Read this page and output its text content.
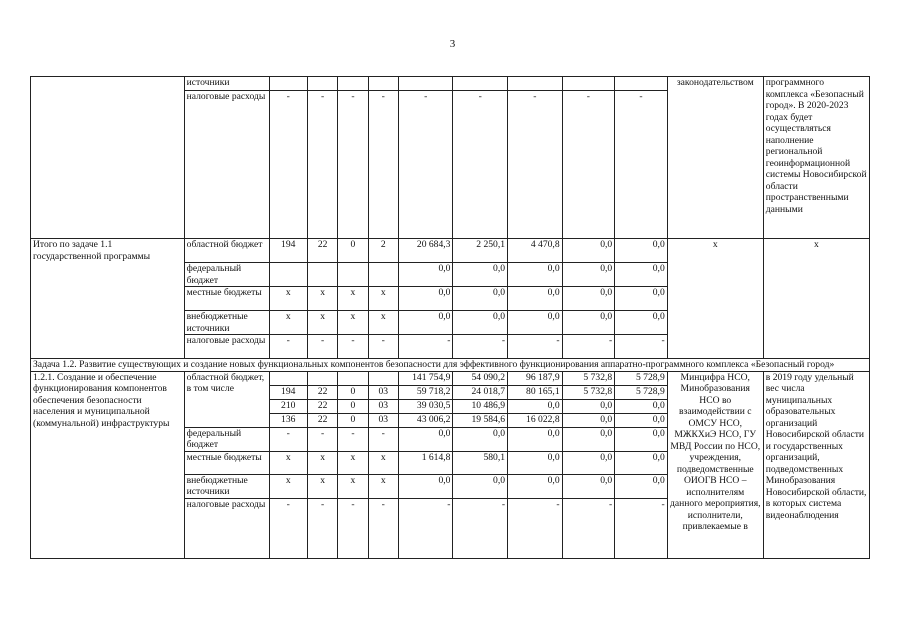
3
	источники										законодательством	программного комплекса «Безопасный город». В 2020-2023 годах будет осуществляться наполнение региональной геоинформационной системы Новосибирской области пространственными данными
	налоговые расходы	-	-	-	-	-	-	-	-	-		
Итого по задаче 1.1 государственной программы	областной бюджет	194	22	0	2	20 684,3	2 250,1	4 470,8	0,0	0,0	х	х
	федеральный бюджет					0,0	0,0	0,0	0,0	0,0		
	местные бюджеты	х	х	х	х	0,0	0,0	0,0	0,0	0,0		
	внебюджетные источники	х	х	х	х	0,0	0,0	0,0	0,0	0,0		
	налоговые расходы	-	-	-	-	-	-	-	-	-		
Задача 1.2. Развитие существующих и создание новых функциональных компонентов безопасности для эффективного функционирования аппаратно-программного комплекса «Безопасный город»												
1.2.1. Создание и обеспечение функционирования компонентов обеспечения безопасности населения и муниципальной (коммунальной) инфраструктуры	областной бюджет, в том числе					141 754,9	54 090,2	96 187,9	5 732,8	5 728,9	Минцифра НСО, Минобразования НСО во взаимодействии с ОМСУ НСО, МЖКХиЭ НСО, ГУ МВД России по НСО, учреждения, подведомственные ОИОГВ НСО – исполнителям данного мероприятия, исполнители, привлекаемые в	в 2019 году удельный вес числа муниципальных образовательных организаций Новосибирской области и государственных организаций, подведомственных Минобразования Новосибирской области, в которых система видеонаблюдения
		194	22	0	03	59 718,2	24 018,7	80 165,1	5 732,8	5 728,9		
		210	22	0	03	39 030,5	10 486,9	0,0	0,0	0,0		
		136	22	0	03	43 006,2	19 584,6	16 022,8	0,0	0,0		
	федеральный бюджет	-	-	-	-	0,0	0,0	0,0	0,0	0,0		
	местные бюджеты	х	х	х	х	1 614,8	580,1	0,0	0,0	0,0		
	внебюджетные источники	х	х	х	х	0,0	0,0	0,0	0,0	0,0		
	налоговые расходы	-	-	-	-	-	-	-	-	-		
